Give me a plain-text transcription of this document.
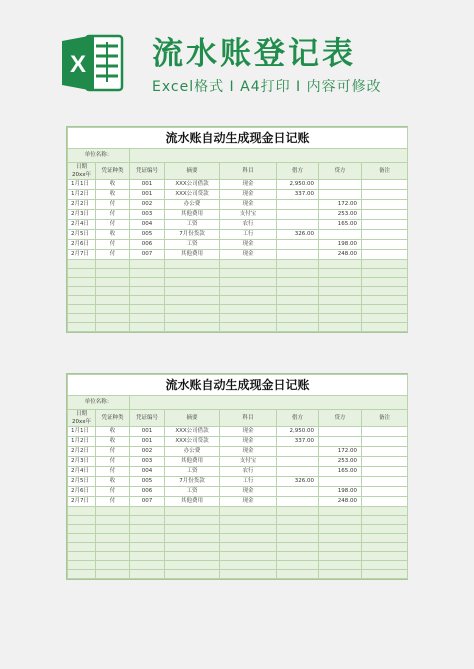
X 流水账登记表
Excel格式 Ⅰ A4打印 Ⅰ 内容可修改
流水账自动生成现金日记账							
单位名称：							
日期
20xx年	凭证种类	凭证编号	摘要	科目	借方	贷方	备注
1月1日	收	001	XXX公司借款	现金	2,950.00		
1月2日	收	001	XXX公司贷款	现金	337.00		
2月2日	付	002	办公费	现金		172.00	
2月3日	付	003	其他费用	支付宝		253.00	
2月4日	付	004	工资	农行		165.00	
2月5日	收	005	7月份货款	工行	326.00		
2月6日	付	006	工资	现金		198.00	
2月7日	付	007	其他费用	现金		248.00	

流水账自动生成现金日记账							
单位名称：							
日期
20xx年	凭证种类	凭证编号	摘要	科目	借方	贷方	备注
1月1日	收	001	XXX公司借款	现金	2,950.00		
1月2日	收	001	XXX公司贷款	现金	337.00		
2月2日	付	002	办公费	现金		172.00	
2月3日	付	003	其他费用	支付宝		253.00	
2月4日	付	004	工资	农行		165.00	
2月5日	收	005	7月份货款	工行	326.00		
2月6日	付	006	工资	现金		198.00	
2月7日	付	007	其他费用	现金		248.00	
